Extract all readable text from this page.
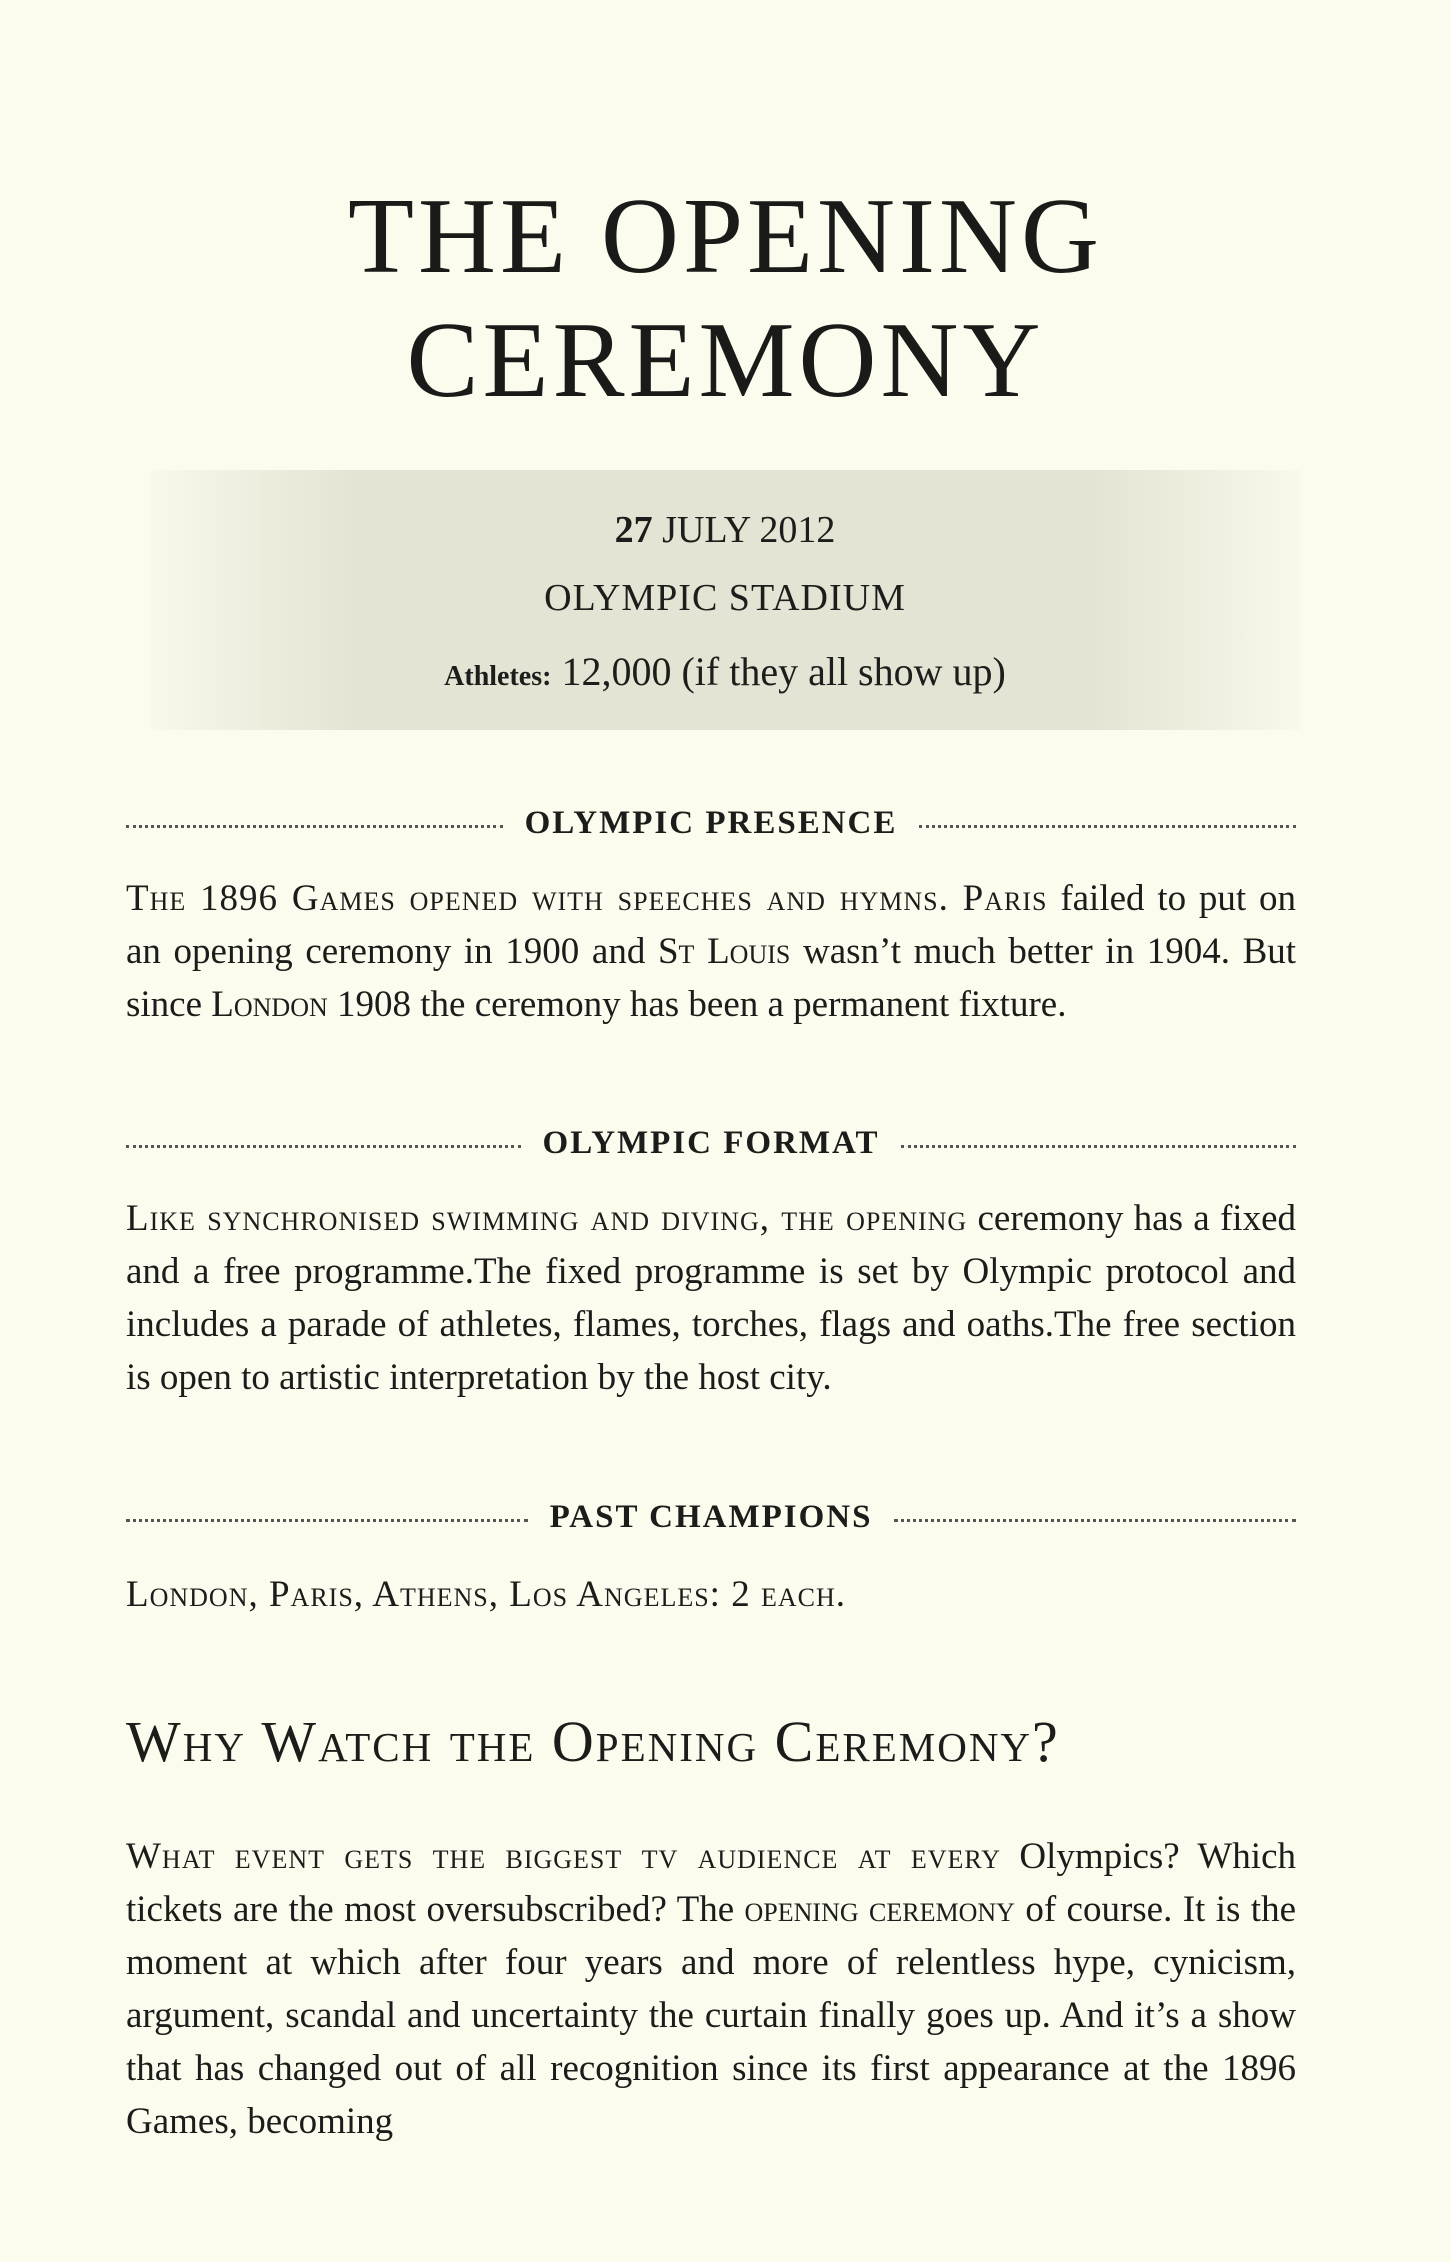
THE OPENING
CEREMONY
27 JULY 2012
OLYMPIC STADIUM
Athletes: 12,000 (if they all show up)
OLYMPIC PRESENCE

The 1896 Games opened with speeches and hymns. Paris failed to put on an opening ceremony in 1900 and St Louis wasn’t much better in 1904. But since London 1908 the ceremony has been a permanent fixture.

OLYMPIC FORMAT

Like synchronised swimming and diving, the opening ceremony has a fixed and a free programme.The fixed programme is set by Olympic protocol and includes a parade of athletes, flames, torches, flags and oaths.The free section is open to artistic interpretation by the host city.

PAST CHAMPIONS

London, Paris, Athens, Los Angeles: 2 each.

Why Watch the Opening Ceremony?

What event gets the biggest tv audience at every Olympics? Which tickets are the most oversubscribed? The opening ceremony of course. It is the moment at which after four years and more of relentless hype, cynicism, argument, scandal and uncertainty the curtain finally goes up. And it’s a show that has changed out of all recognition since its first appearance at the 1896 Games, becoming
